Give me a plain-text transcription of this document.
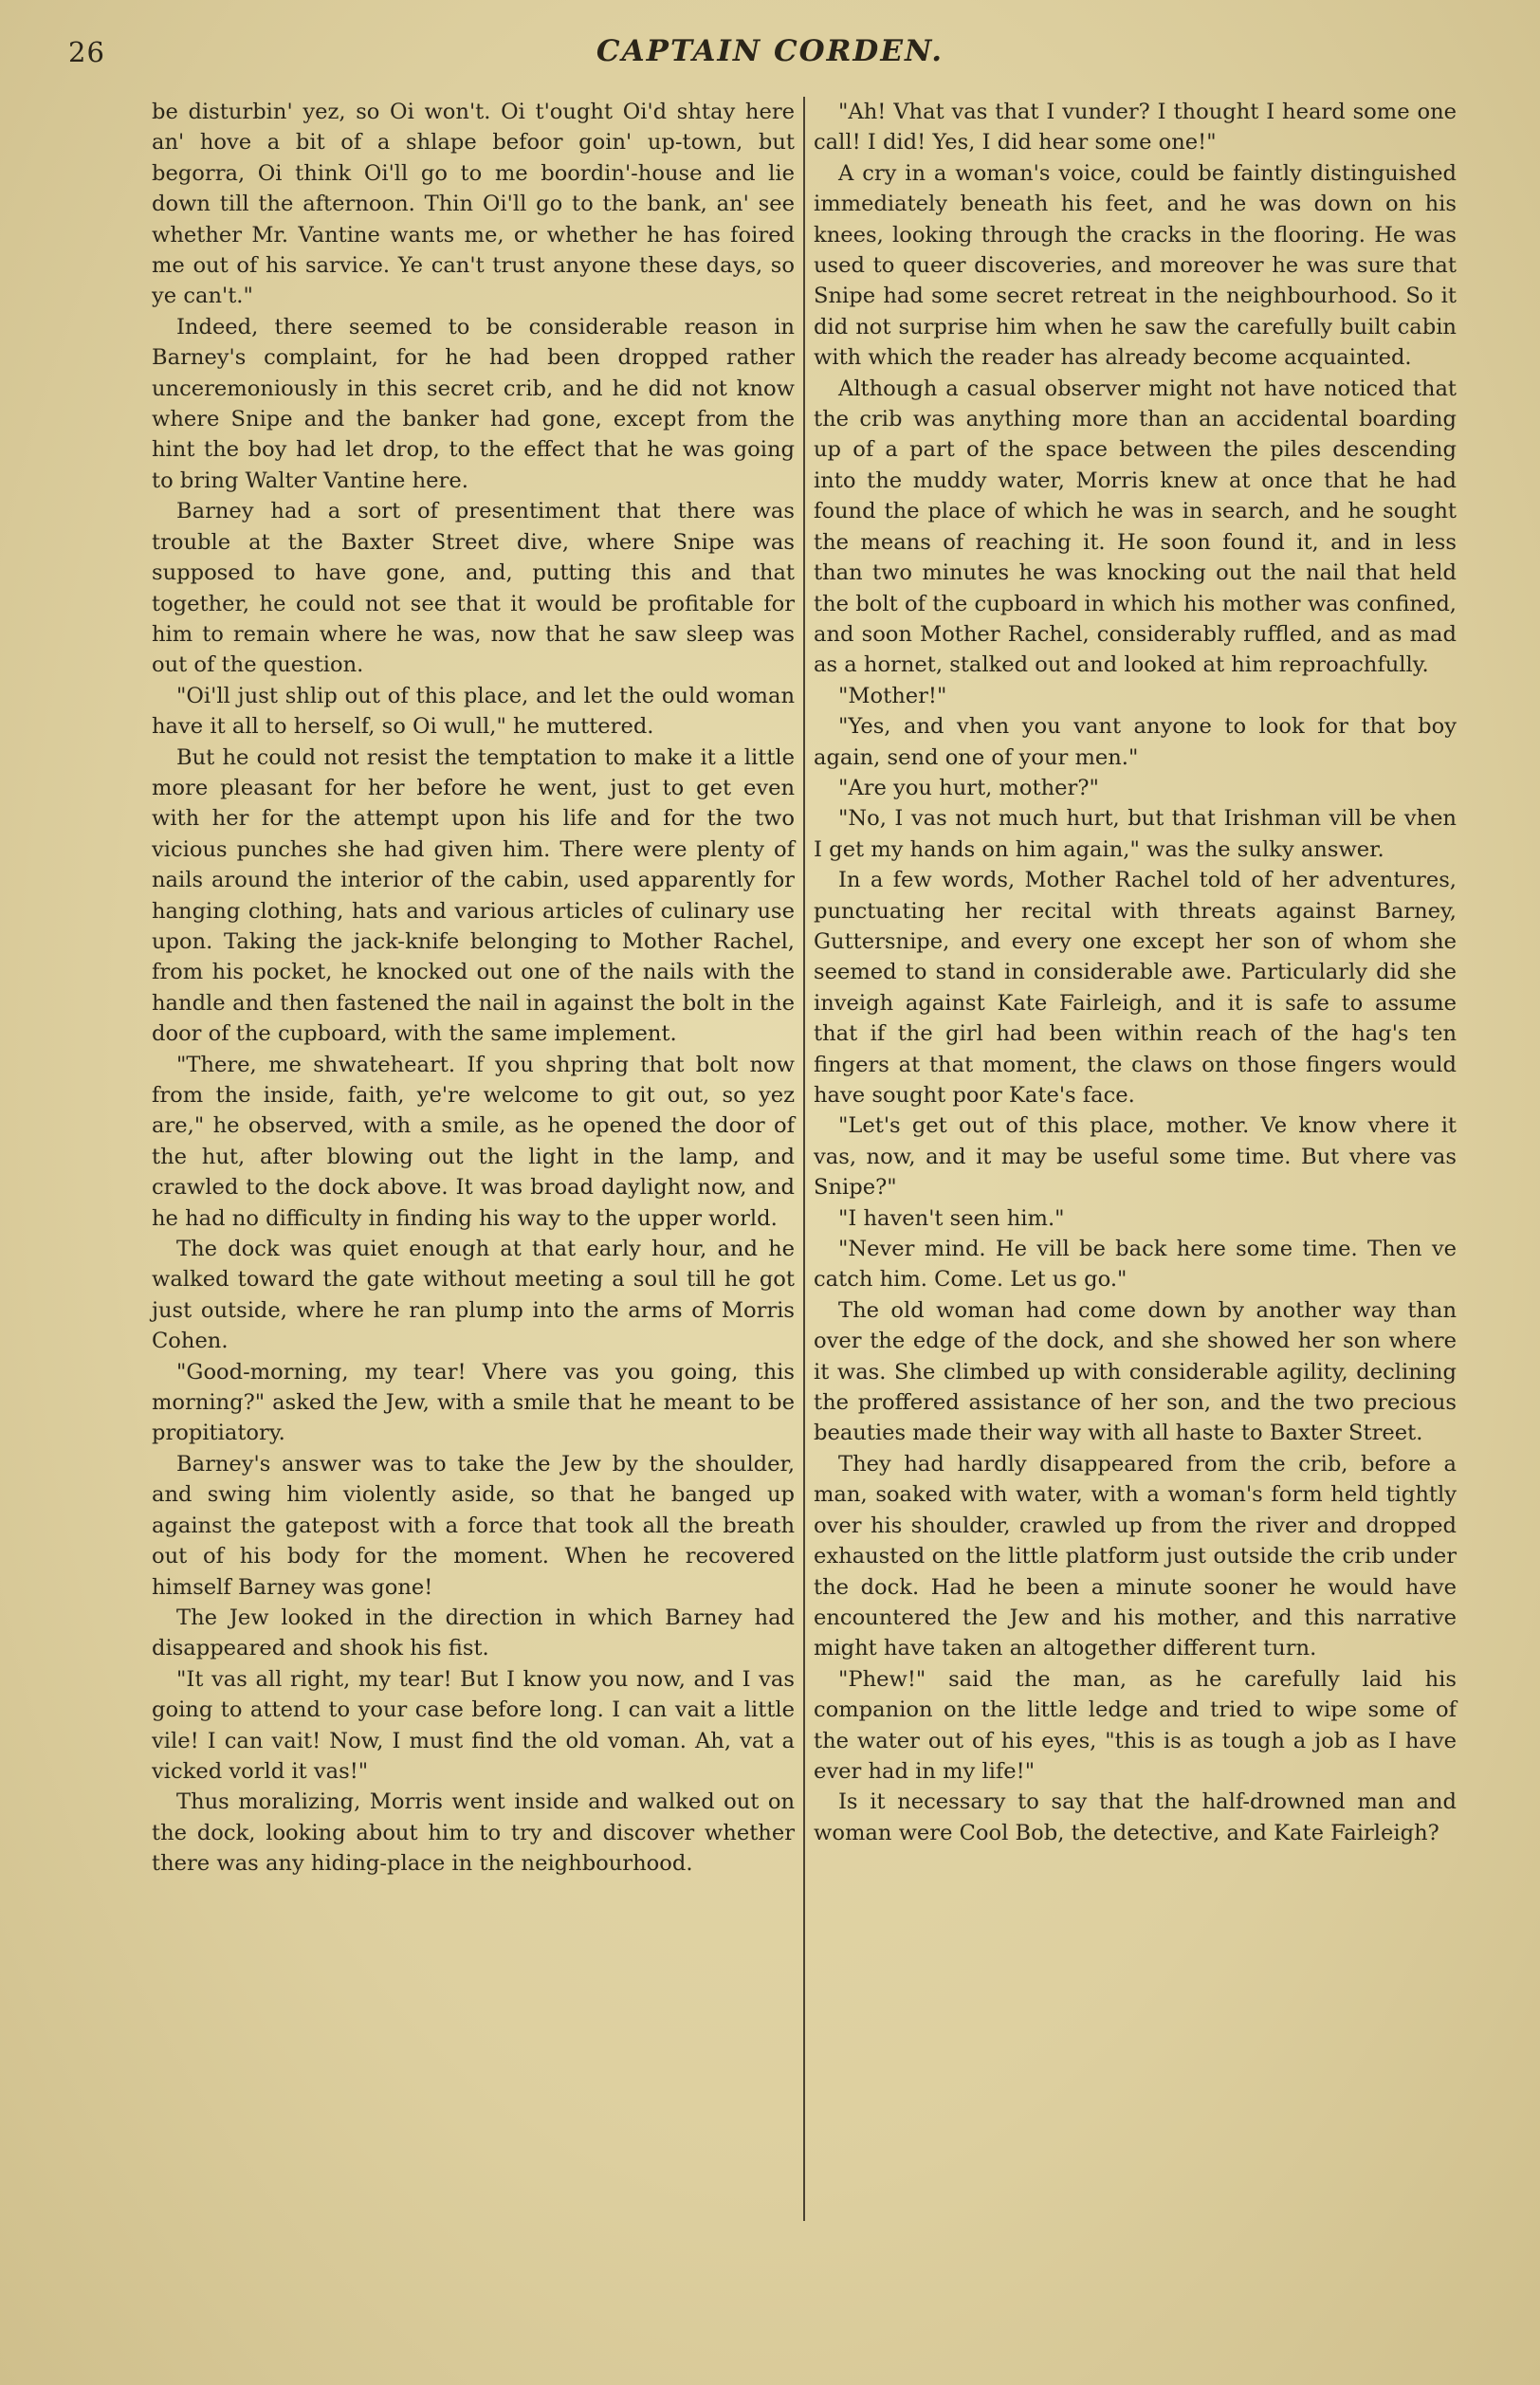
26	CAPTAIN CORDEN.

be disturbin' yez, so Oi won't. Oi t'ought Oi'd shtay here an' hove a bit of a shlape befoor goin' up-town, but begorra, Oi think Oi'll go to me boordin'-house and lie down till the afternoon. Thin Oi'll go to the bank, an' see whether Mr. Vantine wants me, or whether he has foired me out of his sarvice. Ye can't trust anyone these days, so ye can't."

Indeed, there seemed to be considerable reason in Barney's complaint, for he had been dropped rather unceremoniously in this secret crib, and he did not know where Snipe and the banker had gone, except from the hint the boy had let drop, to the effect that he was going to bring Walter Vantine here.

Barney had a sort of presentiment that there was trouble at the Baxter Street dive, where Snipe was supposed to have gone, and, putting this and that together, he could not see that it would be profitable for him to remain where he was, now that he saw sleep was out of the question.

"Oi'll just shlip out of this place, and let the ould woman have it all to herself, so Oi wull," he muttered.

But he could not resist the temptation to make it a little more pleasant for her before he went, just to get even with her for the attempt upon his life and for the two vicious punches she had given him. There were plenty of nails around the interior of the cabin, used apparently for hanging clothing, hats and various articles of culinary use upon. Taking the jack-knife belonging to Mother Rachel, from his pocket, he knocked out one of the nails with the handle and then fastened the nail in against the bolt in the door of the cupboard, with the same implement.

"There, me shwateheart. If you shpring that bolt now from the inside, faith, ye're welcome to git out, so yez are," he observed, with a smile, as he opened the door of the hut, after blowing out the light in the lamp, and crawled to the dock above. It was broad daylight now, and he had no difficulty in finding his way to the upper world.

The dock was quiet enough at that early hour, and he walked toward the gate without meeting a soul till he got just outside, where he ran plump into the arms of Morris Cohen.

"Good-morning, my tear! Vhere vas you going, this morning?" asked the Jew, with a smile that he meant to be propitiatory.

Barney's answer was to take the Jew by the shoulder, and swing him violently aside, so that he banged up against the gatepost with a force that took all the breath out of his body for the moment. When he recovered himself Barney was gone!

The Jew looked in the direction in which Barney had disappeared and shook his fist.

"It vas all right, my tear! But I know you now, and I vas going to attend to your case before long. I can vait a little vile! I can vait! Now, I must find the old voman. Ah, vat a vicked vorld it vas!"

Thus moralizing, Morris went inside and walked out on the dock, looking about him to try and discover whether there was any hiding-place in the neighbourhood.

"Ah! Vhat vas that I vunder? I thought I heard some one call! I did! Yes, I did hear some one!"

A cry in a woman's voice, could be faintly distinguished immediately beneath his feet, and he was down on his knees, looking through the cracks in the flooring. He was used to queer discoveries, and moreover he was sure that Snipe had some secret retreat in the neighbourhood. So it did not surprise him when he saw the carefully built cabin with which the reader has already become acquainted.

Although a casual observer might not have noticed that the crib was anything more than an accidental boarding up of a part of the space between the piles descending into the muddy water, Morris knew at once that he had found the place of which he was in search, and he sought the means of reaching it. He soon found it, and in less than two minutes he was knocking out the nail that held the bolt of the cupboard in which his mother was confined, and soon Mother Rachel, considerably ruffled, and as mad as a hornet, stalked out and looked at him reproachfully.

"Mother!"

"Yes, and vhen you vant anyone to look for that boy again, send one of your men."

"Are you hurt, mother?"

"No, I vas not much hurt, but that Irishman vill be vhen I get my hands on him again," was the sulky answer.

In a few words, Mother Rachel told of her adventures, punctuating her recital with threats against Barney, Guttersnipe, and every one except her son of whom she seemed to stand in considerable awe. Particularly did she inveigh against Kate Fairleigh, and it is safe to assume that if the girl had been within reach of the hag's ten fingers at that moment, the claws on those fingers would have sought poor Kate's face.

"Let's get out of this place, mother. Ve know vhere it vas, now, and it may be useful some time. But vhere vas Snipe?"

"I haven't seen him."

"Never mind. He vill be back here some time. Then ve catch him. Come. Let us go."

The old woman had come down by another way than over the edge of the dock, and she showed her son where it was. She climbed up with considerable agility, declining the proffered assistance of her son, and the two precious beauties made their way with all haste to Baxter Street.

They had hardly disappeared from the crib, before a man, soaked with water, with a woman's form held tightly over his shoulder, crawled up from the river and dropped exhausted on the little platform just outside the crib under the dock. Had he been a minute sooner he would have encountered the Jew and his mother, and this narrative might have taken an altogether different turn.

"Phew!" said the man, as he carefully laid his companion on the little ledge and tried to wipe some of the water out of his eyes, "this is as tough a job as I have ever had in my life!"

Is it necessary to say that the half-drowned man and woman were Cool Bob, the detective, and Kate Fairleigh?
